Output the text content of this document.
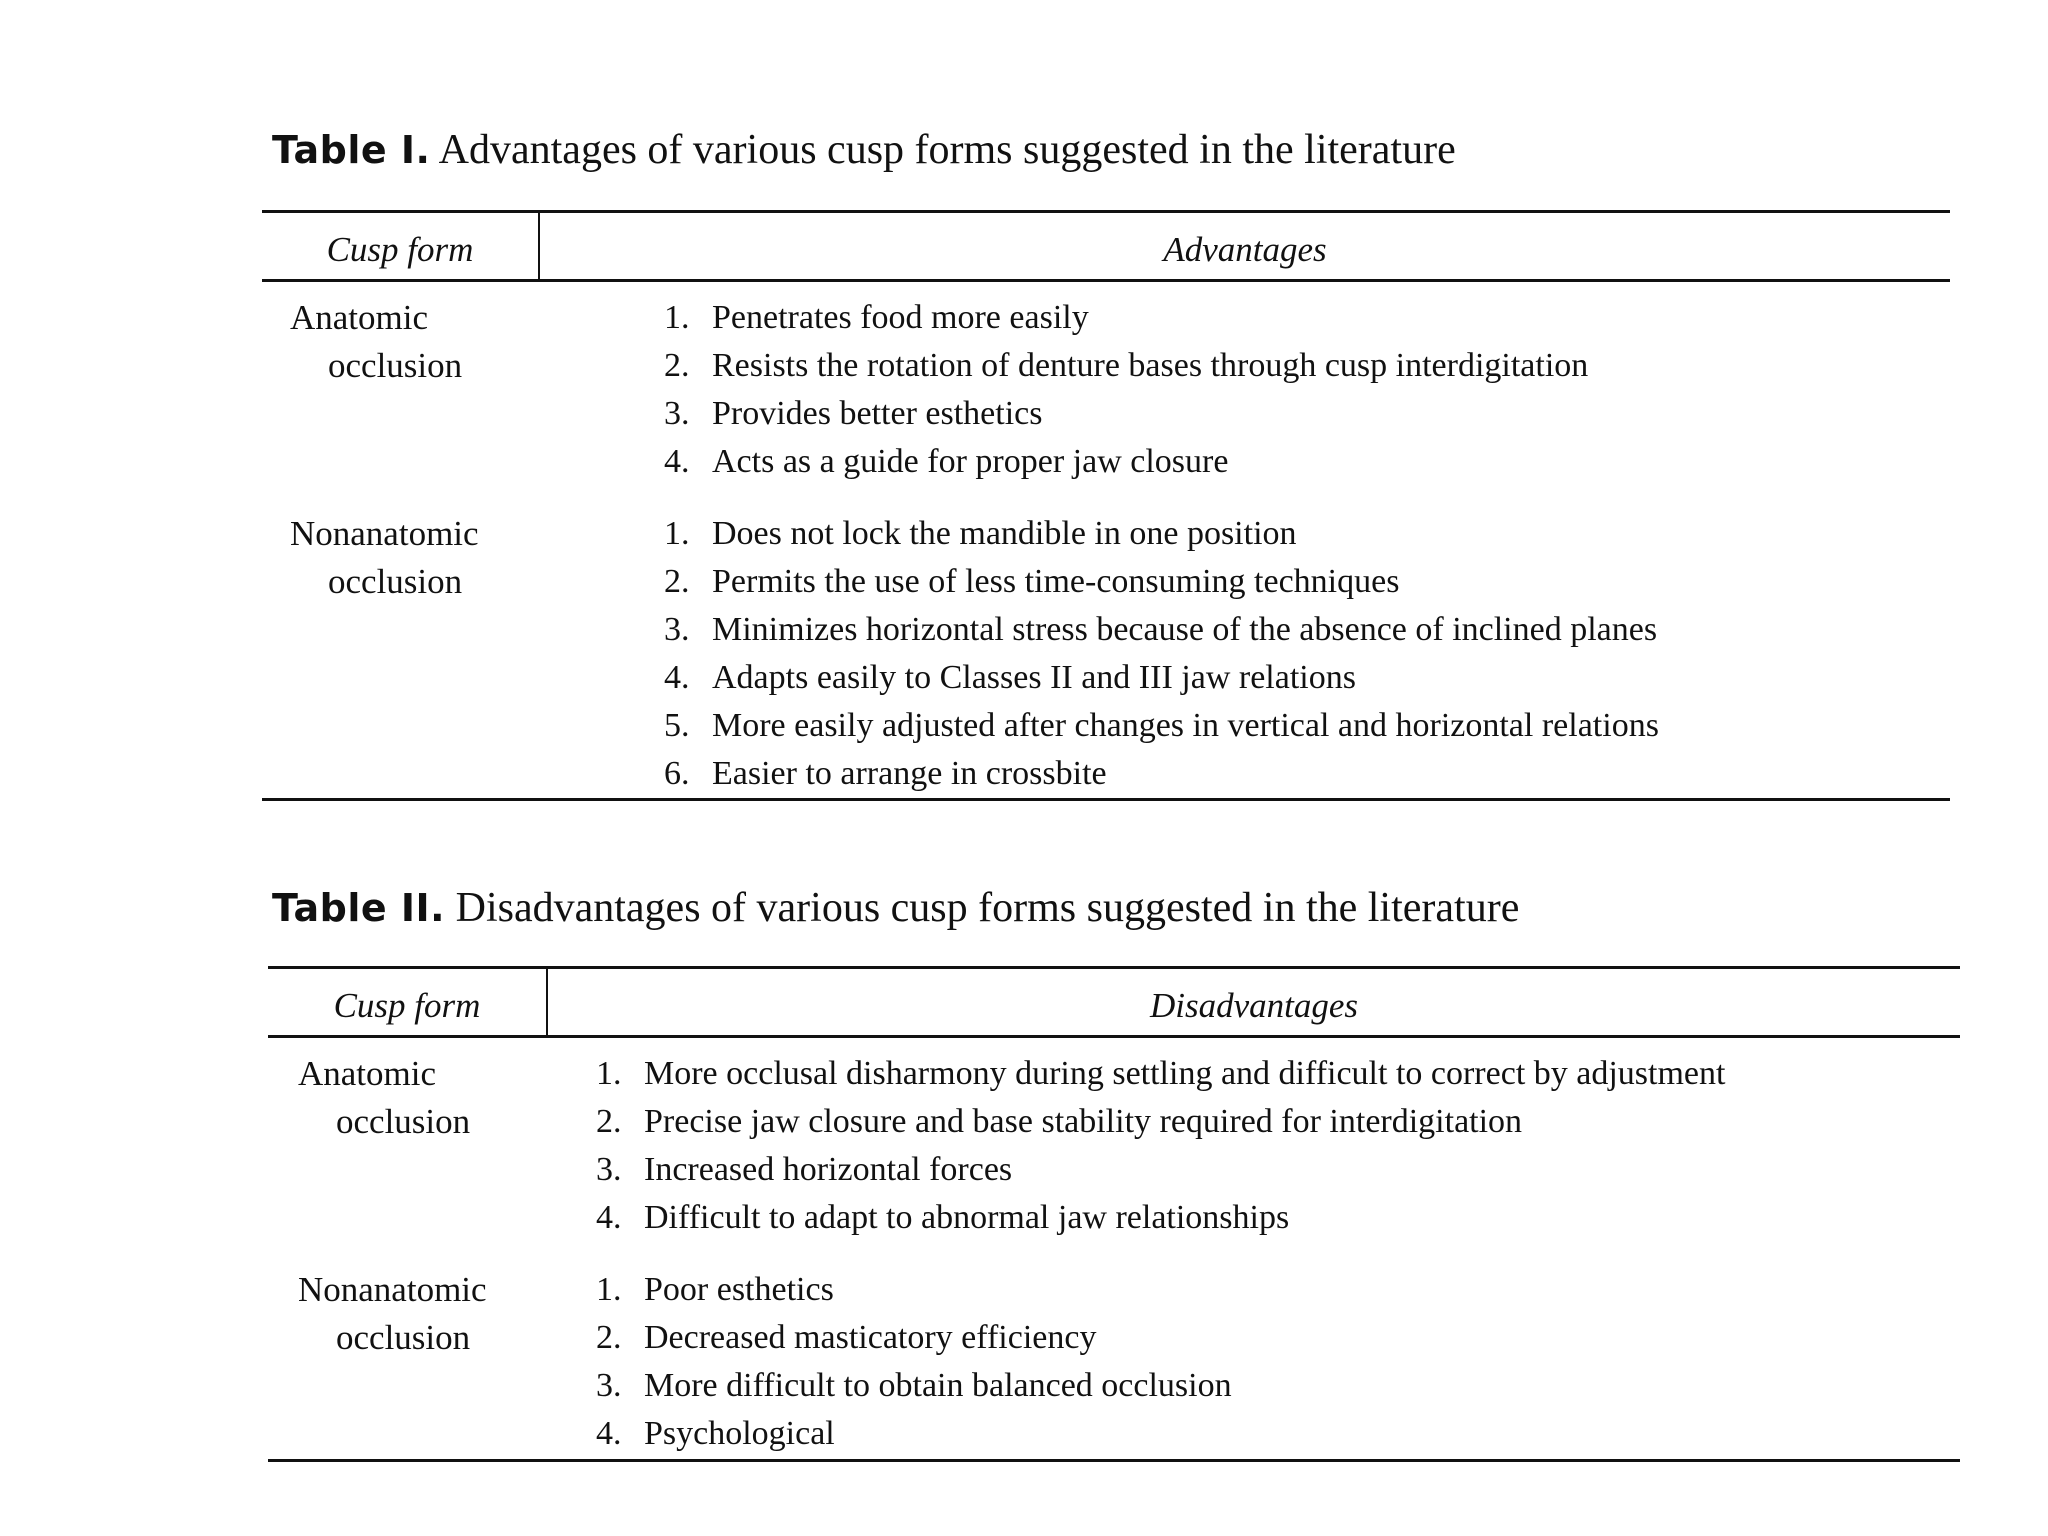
Table I. Advantages of various cusp forms suggested in the literature
Cusp form	Advantages
Anatomic
occlusion
1. Penetrates food more easily
2. Resists the rotation of denture bases through cusp interdigitation
3. Provides better esthetics
4. Acts as a guide for proper jaw closure
Nonanatomic
occlusion
1. Does not lock the mandible in one position
2. Permits the use of less time-consuming techniques
3. Minimizes horizontal stress because of the absence of inclined planes
4. Adapts easily to Classes II and III jaw relations
5. More easily adjusted after changes in vertical and horizontal relations
6. Easier to arrange in crossbite
Table II. Disadvantages of various cusp forms suggested in the literature
Cusp form	Disadvantages
Anatomic
occlusion
1. More occlusal disharmony during settling and difficult to correct by adjustment
2. Precise jaw closure and base stability required for interdigitation
3. Increased horizontal forces
4. Difficult to adapt to abnormal jaw relationships
Nonanatomic
occlusion
1. Poor esthetics
2. Decreased masticatory efficiency
3. More difficult to obtain balanced occlusion
4. Psychological
